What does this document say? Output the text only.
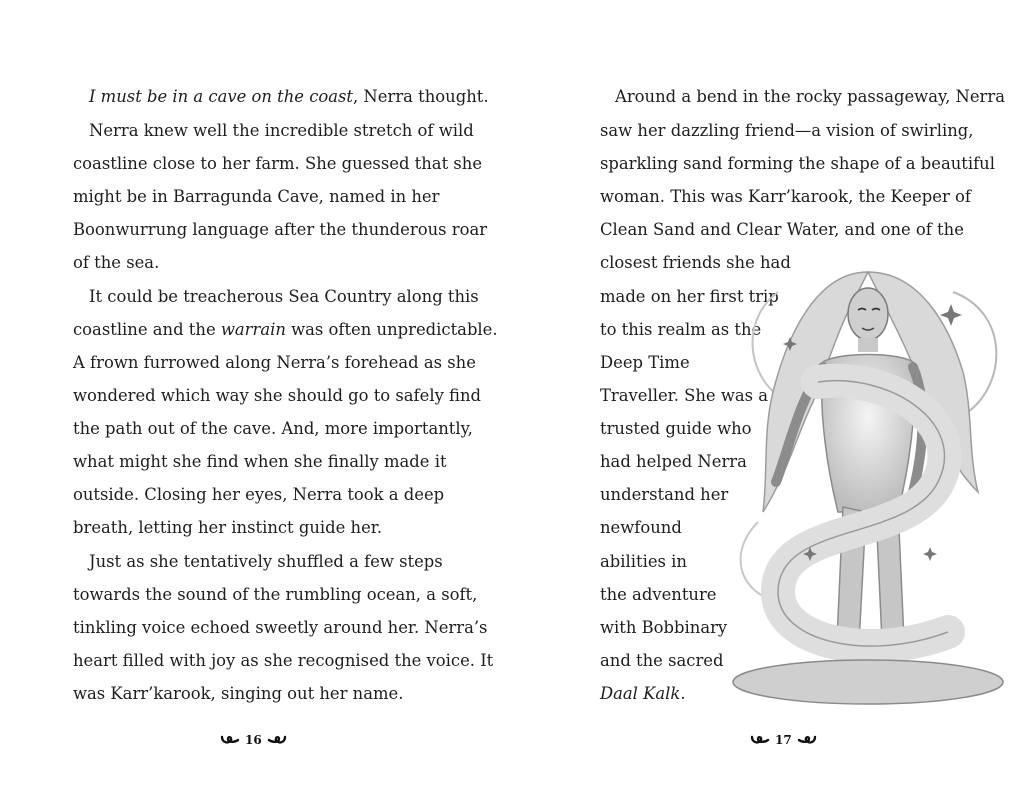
I must be in a cave on the coast, Nerra thought.

Nerra knew well the incredible stretch of wild

coastline close to her farm. She guessed that she

might be in Barragunda Cave, named in her

Boonwurrung language after the thunderous roar

of the sea.

It could be treacherous Sea Country along this

coastline and the warrain was often unpredictable.

A frown furrowed along Nerra’s forehead as she

wondered which way she should go to safely find

the path out of the cave. And, more importantly,

what might she find when she finally made it

outside. Closing her eyes, Nerra took a deep

breath, letting her instinct guide her.

Just as she tentatively shuffled a few steps

towards the sound of the rumbling ocean, a soft,

tinkling voice echoed sweetly around her. Nerra’s

heart filled with joy as she recognised the voice. It

was Karr’karook, singing out her name.

16

Around a bend in the rocky passageway, Nerra

saw her dazzling friend—a vision of swirling,

sparkling sand forming the shape of a beautiful

woman. This was Karr’karook, the Keeper of

Clean Sand and Clear Water, and one of the

closest friends she had

made on her first trip

to this realm as the

Deep Time

Traveller. She was a

trusted guide who

had helped Nerra

understand her

newfound

abilities in

the adventure

with Bobbinary

and the sacred

Daal Kalk.

17
